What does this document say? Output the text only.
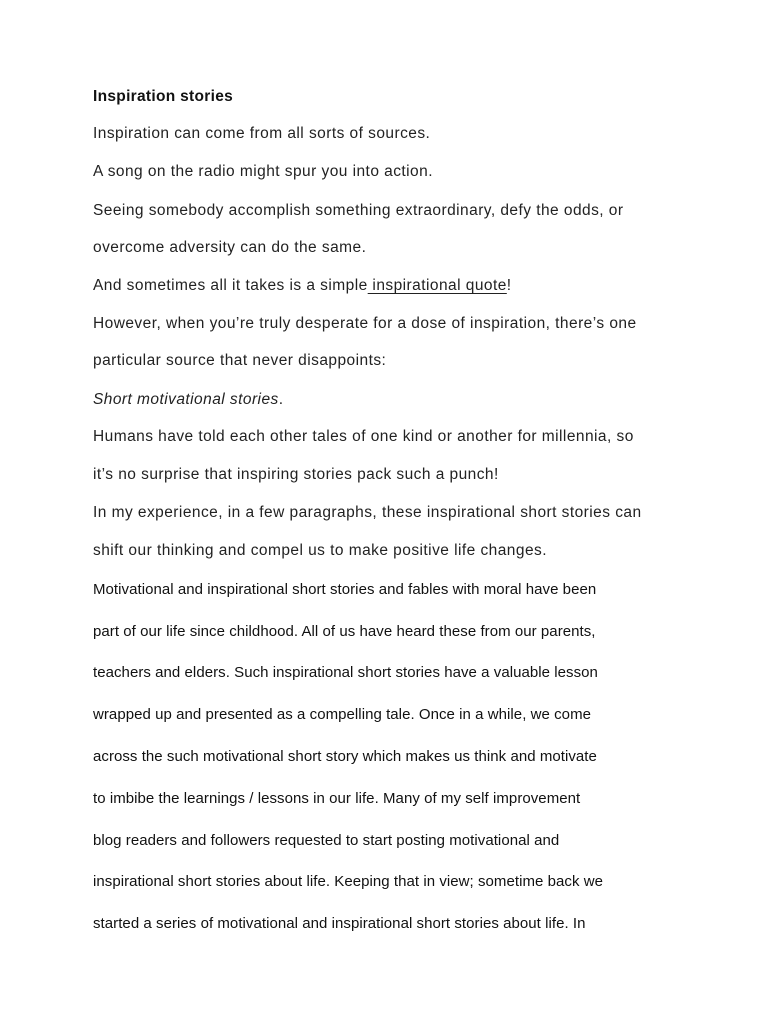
Inspiration stories
Inspiration can come from all sorts of sources.
A song on the radio might spur you into action.
Seeing somebody accomplish something extraordinary, defy the odds, or
overcome adversity can do the same.
And sometimes all it takes is a simple inspirational quote!
However, when you’re truly desperate for a dose of inspiration, there’s one
particular source that never disappoints:
Short motivational stories.
Humans have told each other tales of one kind or another for millennia, so
it’s no surprise that inspiring stories pack such a punch!
In my experience, in a few paragraphs, these inspirational short stories can
shift our thinking and compel us to make positive life changes.
Motivational and inspirational short stories and fables with moral have been
part of our life since childhood. All of us have heard these from our parents,
teachers and elders. Such inspirational short stories have a valuable lesson
wrapped up and presented as a compelling tale. Once in a while, we come
across the such motivational short story which makes us think and motivate
to imbibe the learnings / lessons in our life. Many of my self improvement
blog readers and followers requested to start posting motivational and
inspirational short stories about life. Keeping that in view; sometime back we
started a series of motivational and inspirational short stories about life. In
